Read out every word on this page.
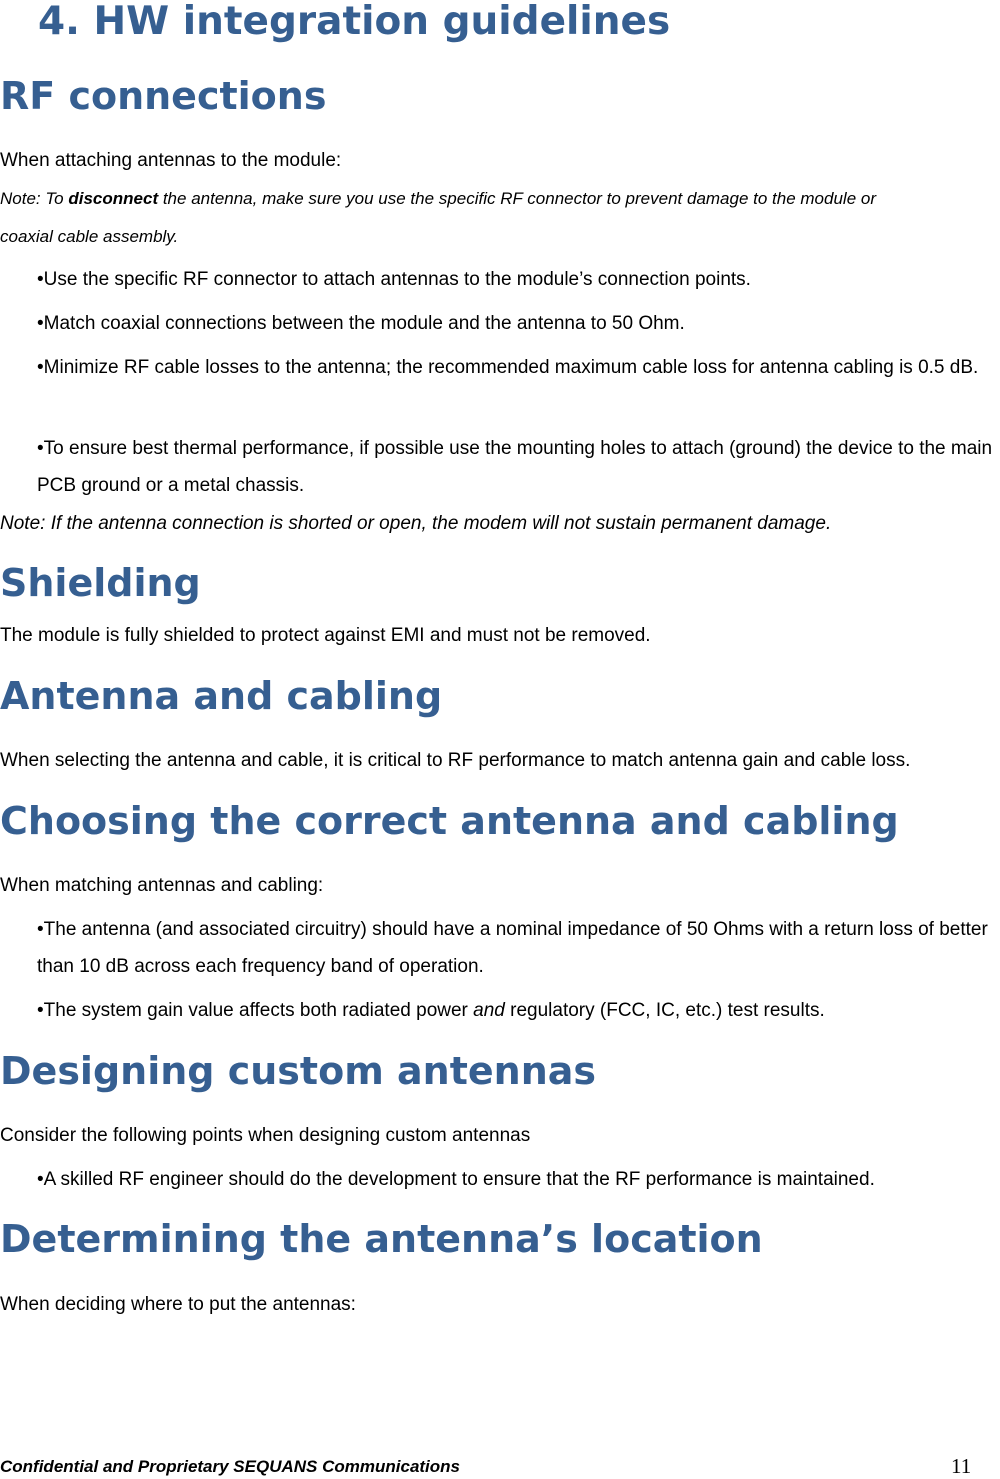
4. HW integration guidelines
RF connections
When attaching antennas to the module:
Note: To disconnect the antenna, make sure you use the specific RF connector to prevent damage to the module or
coaxial cable assembly.
•Use the specific RF connector to attach antennas to the module’s connection points.
•Match coaxial connections between the module and the antenna to 50 Ohm.
•Minimize RF cable losses to the antenna; the recommended maximum cable loss for antenna cabling is 0.5 dB.
•To ensure best thermal performance, if possible use the mounting holes to attach (ground) the device to the main PCB ground or a metal chassis.
Note: If the antenna connection is shorted or open, the modem will not sustain permanent damage.
Shielding
The module is fully shielded to protect against EMI and must not be removed.
Antenna and cabling
When selecting the antenna and cable, it is critical to RF performance to match antenna gain and cable loss.
Choosing the correct antenna and cabling
When matching antennas and cabling:
•The antenna (and associated circuitry) should have a nominal impedance of 50 Ohms with a return loss of better than 10 dB across each frequency band of operation.
•The system gain value affects both radiated power and regulatory (FCC, IC, etc.) test results.
Designing custom antennas
Consider the following points when designing custom antennas
•A skilled RF engineer should do the development to ensure that the RF performance is maintained.
Determining the antenna’s location
When deciding where to put the antennas:
Confidential and Proprietary SEQUANS Communications	11
